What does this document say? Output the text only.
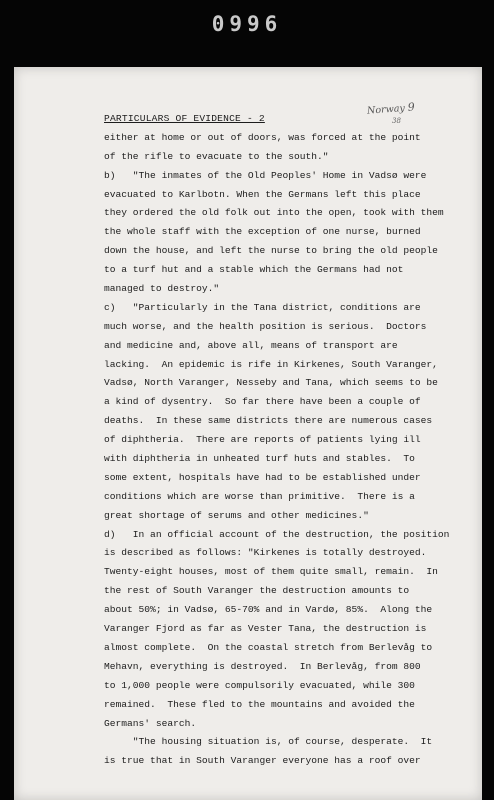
0996
Norway 9
38
PARTICULARS OF EVIDENCE - 2
either at home or out of doors, was forced at the point
of the rifle to evacuate to the south."
b)   "The inmates of the Old Peoples' Home in Vadsø were
evacuated to Karlbotn. When the Germans left this place
they ordered the old folk out into the open, took with them
the whole staff with the exception of one nurse, burned
down the house, and left the nurse to bring the old people
to a turf hut and a stable which the Germans had not
managed to destroy."
c)   "Particularly in the Tana district, conditions are
much worse, and the health position is serious.  Doctors
and medicine and, above all, means of transport are
lacking.  An epidemic is rife in Kirkenes, South Varanger,
Vadsø, North Varanger, Nesseby and Tana, which seems to be
a kind of dysentry.  So far there have been a couple of
deaths.  In these same districts there are numerous cases
of diphtheria.  There are reports of patients lying ill
with diphtheria in unheated turf huts and stables.  To
some extent, hospitals have had to be established under
conditions which are worse than primitive.  There is a
great shortage of serums and other medicines."
d)   In an official account of the destruction, the position
is described as follows: "Kirkenes is totally destroyed.
Twenty-eight houses, most of them quite small, remain.  In
the rest of South Varanger the destruction amounts to
about 50%; in Vadsø, 65-70% and in Vardø, 85%.  Along the
Varanger Fjord as far as Vester Tana, the destruction is
almost complete.  On the coastal stretch from Berlevåg to
Mehavn, everything is destroyed.  In Berlevåg, from 800
to 1,000 people were compulsorily evacuated, while 300
remained.  These fled to the mountains and avoided the
Germans' search.
"The housing situation is, of course, desperate.  It
is true that in South Varanger everyone has a roof over
